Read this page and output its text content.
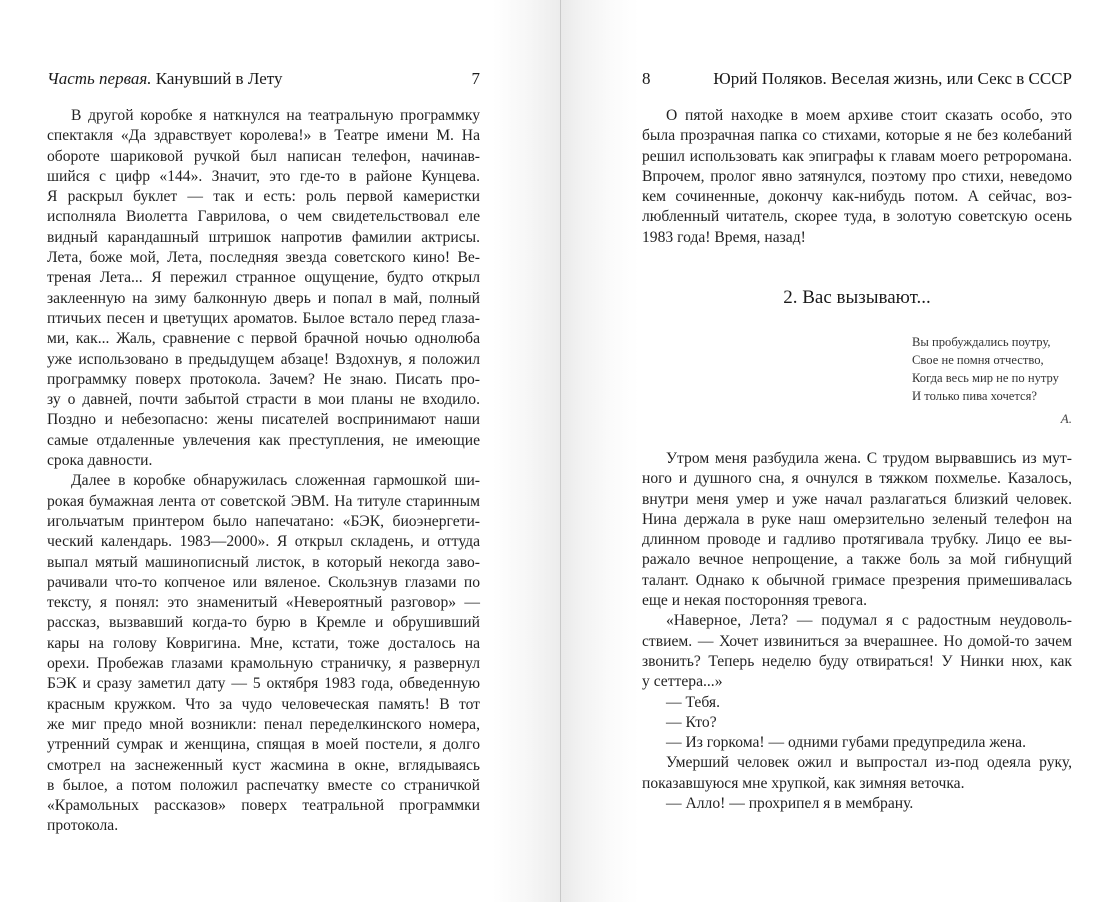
Часть первая. Канувший в Лету	7
В другой коробке я наткнулся на театральную программку
спектакля «Да здравствует королева!» в Театре имени М. На
обороте шариковой ручкой был написан телефон, начинав-
шийся с цифр «144». Значит, это где-то в районе Кунцева.
Я раскрыл буклет — так и есть: роль первой камеристки
исполняла Виолетта Гаврилова, о чем свидетельствовал еле
видный карандашный штришок напротив фамилии актрисы.
Лета, боже мой, Лета, последняя звезда советского кино! Ве-
треная Лета... Я пережил странное ощущение, будто открыл
заклеенную на зиму балконную дверь и попал в май, полный
птичьих песен и цветущих ароматов. Былое встало перед глаза-
ми, как... Жаль, сравнение с первой брачной ночью однолюба
уже использовано в предыдущем абзаце! Вздохнув, я положил
программку поверх протокола. Зачем? Не знаю. Писать про-
зу о давней, почти забытой страсти в мои планы не входило.
Поздно и небезопасно: жены писателей воспринимают наши
самые отдаленные увлечения как преступления, не имеющие
срока давности.
Далее в коробке обнаружилась сложенная гармошкой ши-
рокая бумажная лента от советской ЭВМ. На титуле старинным
игольчатым принтером было напечатано: «БЭК, биоэнергети-
ческий календарь. 1983—2000». Я открыл складень, и оттуда
выпал мятый машинописный листок, в который некогда заво-
рачивали что-то копченое или вяленое. Скользнув глазами по
тексту, я понял: это знаменитый «Невероятный разговор» —
рассказ, вызвавший когда-то бурю в Кремле и обрушивший
кары на голову Ковригина. Мне, кстати, тоже досталось на
орехи. Пробежав глазами крамольную страничку, я развернул
БЭК и сразу заметил дату — 5 октября 1983 года, обведенную
красным кружком. Что за чудо человеческая память! В тот
же миг предо мной возникли: пенал переделкинского номера,
утренний сумрак и женщина, спящая в моей постели, я долго
смотрел на заснеженный куст жасмина в окне, вглядываясь
в былое, а потом положил распечатку вместе со страничкой
«Крамольных рассказов» поверх театральной программки
протокола.
8	Юрий Поляков. Веселая жизнь, или Секс в СССР
О пятой находке в моем архиве стоит сказать особо, это
была прозрачная папка со стихами, которые я не без колебаний
решил использовать как эпиграфы к главам моего ретроромана.
Впрочем, пролог явно затянулся, поэтому про стихи, неведомо
кем сочиненные, докончу как-нибудь потом. А сейчас, воз-
любленный читатель, скорее туда, в золотую советскую осень
1983 года! Время, назад!
2. Вас вызывают...
Вы пробуждались поутру,
Свое не помня отчество,
Когда весь мир не по нутру
И только пива хочется?
А.
Утром меня разбудила жена. С трудом вырвавшись из мут-
ного и душного сна, я очнулся в тяжком похмелье. Казалось,
внутри меня умер и уже начал разлагаться близкий человек.
Нина держала в руке наш омерзительно зеленый телефон на
длинном проводе и гадливо протягивала трубку. Лицо ее вы-
ражало вечное непрощение, а также боль за мой гибнущий
талант. Однако к обычной гримасе презрения примешивалась
еще и некая посторонняя тревога.
«Наверное, Лета? — подумал я с радостным неудоволь-
ствием. — Хочет извиниться за вчерашнее. Но домой-то зачем
звонить? Теперь неделю буду отвираться! У Нинки нюх, как
у сеттера...»
— Тебя.
— Кто?
— Из горкома! — одними губами предупредила жена.
Умерший человек ожил и выпростал из-под одеяла руку,
показавшуюся мне хрупкой, как зимняя веточка.
— Алло! — прохрипел я в мембрану.
